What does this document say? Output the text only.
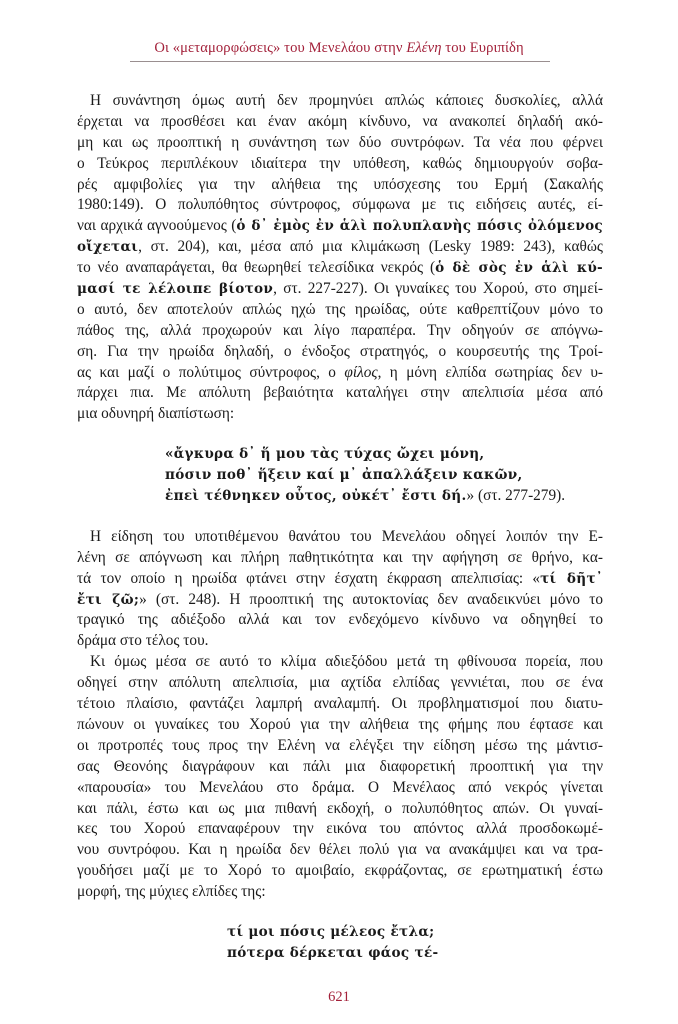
Οι «μεταμορφώσεις» του Μενελάου στην Ελένη του Ευριπίδη
Η συνάντηση όμως αυτή δεν προμηνύει απλώς κάποιες δυσκολίες, αλλά
έρχεται να προσθέσει και έναν ακόμη κίνδυνο, να ανακοπεί δηλαδή ακό-
μη και ως προοπτική η συνάντηση των δύο συντρόφων. Τα νέα που φέρνει
ο Τεύκρος περιπλέκουν ιδιαίτερα την υπόθεση, καθώς δημιουργούν σοβα-
ρές αμφιβολίες για την αλήθεια της υπόσχεσης του Ερμή (Σακαλής
1980:149). Ο πολυπόθητος σύντροφος, σύμφωνα με τις ειδήσεις αυτές, εί-
ναι αρχικά αγνοούμενος (ὁ δ᾽ ἐμὸς ἐν ἁλὶ πολυπλανὴς πόσις ὀλόμενος
οἴχεται, στ. 204), και, μέσα από μια κλιμάκωση (Lesky 1989: 243), καθώς
το νέο αναπαράγεται, θα θεωρηθεί τελεσίδικα νεκρός (ὁ δὲ σὸς ἐν ἁλὶ κύ-
μασί τε λέλοιπε βίοτον, στ. 227-227). Οι γυναίκες του Χορού, στο σημεί-
ο αυτό, δεν αποτελούν απλώς ηχώ της ηρωίδας, ούτε καθρεπτίζουν μόνο το
πάθος της, αλλά προχωρούν και λίγο παραπέρα. Την οδηγούν σε απόγνω-
ση. Για την ηρωίδα δηλαδή, ο ένδοξος στρατηγός, ο κουρσευτής της Τροί-
ας και μαζί ο πολύτιμος σύντροφος, ο φίλος, η μόνη ελπίδα σωτηρίας δεν υ-
πάρχει πια. Με απόλυτη βεβαιότητα καταλήγει στην απελπισία μέσα από
μια οδυνηρή διαπίστωση:
«ἄγκυρα δ᾽ ἥ μου τὰς τύχας ὤχει μόνη,
πόσιν ποθ᾽ ἥξειν καί μ᾽ ἀπαλλάξειν κακῶν,
ἐπεὶ τέθνηκεν οὗτος, οὐκέτ᾽ ἔστι δή.» (στ. 277-279).
Η είδηση του υποτιθέμενου θανάτου του Μενελάου οδηγεί λοιπόν την Ε-
λένη σε απόγνωση και πλήρη παθητικότητα και την αφήγηση σε θρήνο, κα-
τά τον οποίο η ηρωίδα φτάνει στην έσχατη έκφραση απελπισίας: «τί δῆτ᾽
ἔτι ζῶ;» (στ. 248). Η προοπτική της αυτοκτονίας δεν αναδεικνύει μόνο το
τραγικό της αδιέξοδο αλλά και τον ενδεχόμενο κίνδυνο να οδηγηθεί το
δράμα στο τέλος του.
Κι όμως μέσα σε αυτό το κλίμα αδιεξόδου μετά τη φθίνουσα πορεία, που
οδηγεί στην απόλυτη απελπισία, μια αχτίδα ελπίδας γεννιέται, που σε ένα
τέτοιο πλαίσιο, φαντάζει λαμπρή αναλαμπή. Οι προβληματισμοί που διατυ-
πώνουν οι γυναίκες του Χορού για την αλήθεια της φήμης που έφτασε και
οι προτροπές τους προς την Ελένη να ελέγξει την είδηση μέσω της μάντισ-
σας Θεονόης διαγράφουν και πάλι μια διαφορετική προοπτική για την
«παρουσία» του Μενελάου στο δράμα. Ο Μενέλαος από νεκρός γίνεται
και πάλι, έστω και ως μια πιθανή εκδοχή, ο πολυπόθητος απών. Οι γυναί-
κες του Χορού επαναφέρουν την εικόνα του απόντος αλλά προσδοκωμέ-
νου συντρόφου. Και η ηρωίδα δεν θέλει πολύ για να ανακάμψει και να τρα-
γουδήσει μαζί με το Χορό το αμοιβαίο, εκφράζοντας, σε ερωτηματική έστω
μορφή, της μύχιες ελπίδες της:
τί μοι πόσις μέλεος ἔτλα;
πότερα δέρκεται φάος τέ-
621
